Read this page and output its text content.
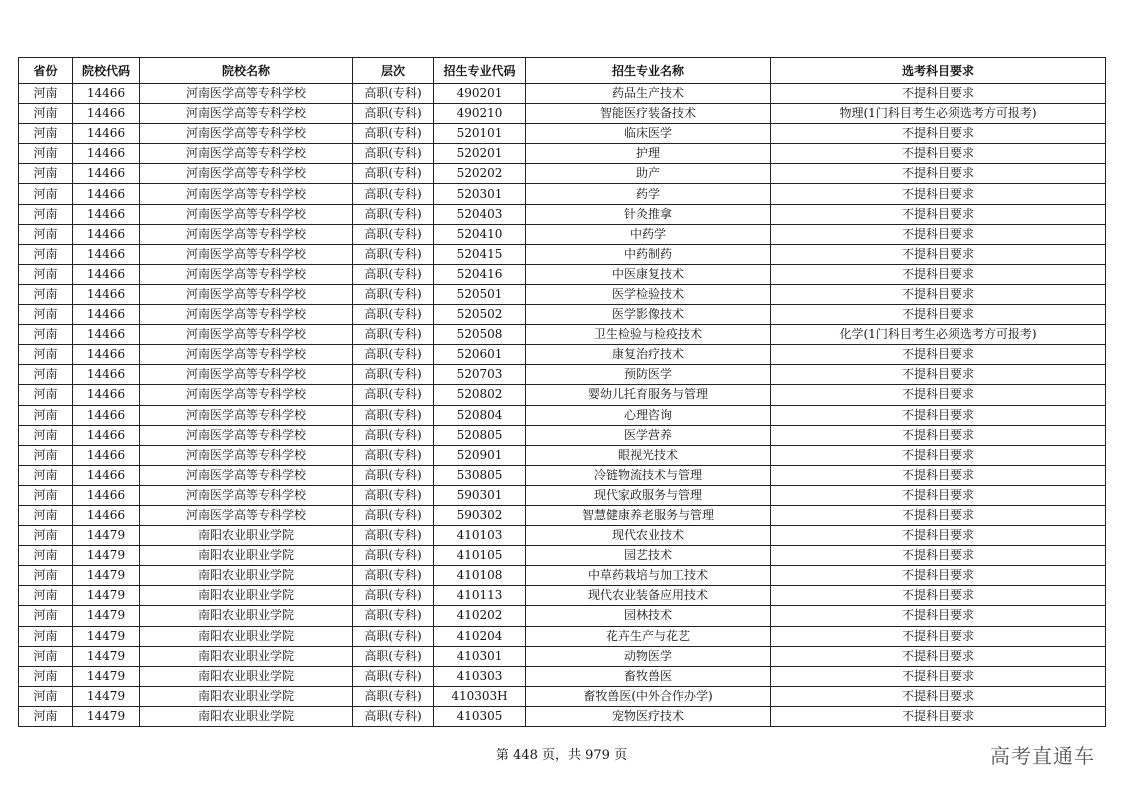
省份	院校代码	院校名称	层次	招生专业代码	招生专业名称	选考科目要求
河南	14466	河南医学高等专科学校	高职(专科)	490201	药品生产技术	不提科目要求
河南	14466	河南医学高等专科学校	高职(专科)	490210	智能医疗装备技术	物理(1门科目考生必须选考方可报考)
河南	14466	河南医学高等专科学校	高职(专科)	520101	临床医学	不提科目要求
河南	14466	河南医学高等专科学校	高职(专科)	520201	护理	不提科目要求
河南	14466	河南医学高等专科学校	高职(专科)	520202	助产	不提科目要求
河南	14466	河南医学高等专科学校	高职(专科)	520301	药学	不提科目要求
河南	14466	河南医学高等专科学校	高职(专科)	520403	针灸推拿	不提科目要求
河南	14466	河南医学高等专科学校	高职(专科)	520410	中药学	不提科目要求
河南	14466	河南医学高等专科学校	高职(专科)	520415	中药制药	不提科目要求
河南	14466	河南医学高等专科学校	高职(专科)	520416	中医康复技术	不提科目要求
河南	14466	河南医学高等专科学校	高职(专科)	520501	医学检验技术	不提科目要求
河南	14466	河南医学高等专科学校	高职(专科)	520502	医学影像技术	不提科目要求
河南	14466	河南医学高等专科学校	高职(专科)	520508	卫生检验与检疫技术	化学(1门科目考生必须选考方可报考)
河南	14466	河南医学高等专科学校	高职(专科)	520601	康复治疗技术	不提科目要求
河南	14466	河南医学高等专科学校	高职(专科)	520703	预防医学	不提科目要求
河南	14466	河南医学高等专科学校	高职(专科)	520802	婴幼儿托育服务与管理	不提科目要求
河南	14466	河南医学高等专科学校	高职(专科)	520804	心理咨询	不提科目要求
河南	14466	河南医学高等专科学校	高职(专科)	520805	医学营养	不提科目要求
河南	14466	河南医学高等专科学校	高职(专科)	520901	眼视光技术	不提科目要求
河南	14466	河南医学高等专科学校	高职(专科)	530805	冷链物流技术与管理	不提科目要求
河南	14466	河南医学高等专科学校	高职(专科)	590301	现代家政服务与管理	不提科目要求
河南	14466	河南医学高等专科学校	高职(专科)	590302	智慧健康养老服务与管理	不提科目要求
河南	14479	南阳农业职业学院	高职(专科)	410103	现代农业技术	不提科目要求
河南	14479	南阳农业职业学院	高职(专科)	410105	园艺技术	不提科目要求
河南	14479	南阳农业职业学院	高职(专科)	410108	中草药栽培与加工技术	不提科目要求
河南	14479	南阳农业职业学院	高职(专科)	410113	现代农业装备应用技术	不提科目要求
河南	14479	南阳农业职业学院	高职(专科)	410202	园林技术	不提科目要求
河南	14479	南阳农业职业学院	高职(专科)	410204	花卉生产与花艺	不提科目要求
河南	14479	南阳农业职业学院	高职(专科)	410301	动物医学	不提科目要求
河南	14479	南阳农业职业学院	高职(专科)	410303	畜牧兽医	不提科目要求
河南	14479	南阳农业职业学院	高职(专科)	410303H	畜牧兽医(中外合作办学)	不提科目要求
河南	14479	南阳农业职业学院	高职(专科)	410305	宠物医疗技术	不提科目要求
第 448 页，共 979 页	高考直通车
